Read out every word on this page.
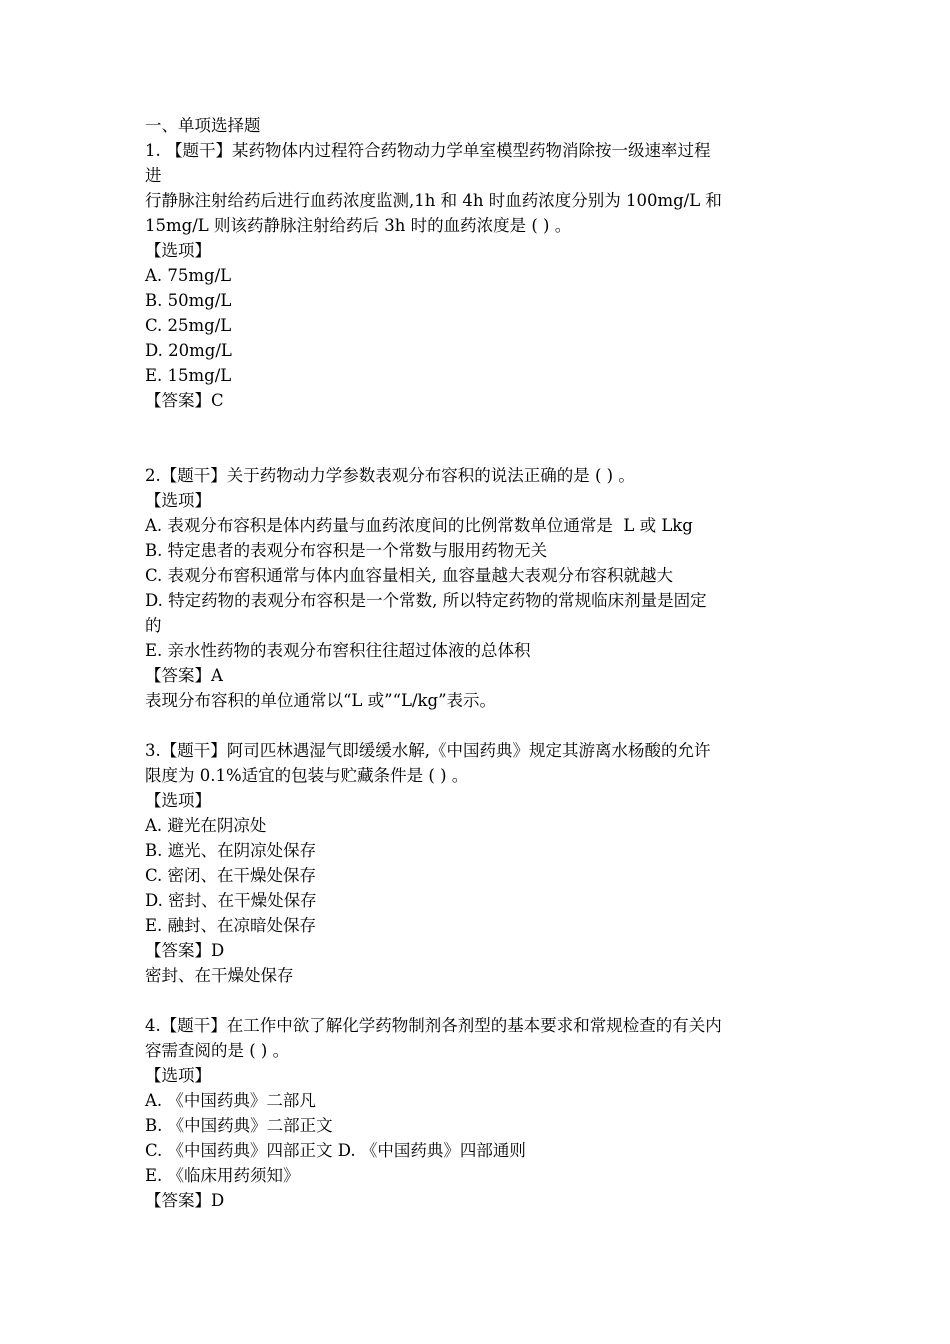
一、单项选择题
1. 【题干】某药物体内过程符合药物动力学单室模型药物消除按一级速率过程
进
行静脉注射给药后进行血药浓度监测,1h 和 4h 时血药浓度分别为 100mg/L 和
15mg/L 则该药静脉注射给药后 3h 时的血药浓度是 ( ) 。
【选项】
A. 75mg/L
B. 50mg/L
C. 25mg/L
D. 20mg/L
E. 15mg/L
【答案】C
2.【题干】关于药物动力学参数表观分布容积的说法正确的是 ( ) 。
【选项】
A. 表观分布容积是体内药量与血药浓度间的比例常数单位通常是  L 或 Lkg
B. 特定患者的表观分布容积是一个常数与服用药物无关
C. 表观分布窖积通常与体内血容量相关, 血容量越大表观分布容积就越大
D. 特定药物的表观分布容积是一个常数, 所以特定药物的常规临床剂量是固定
的
E. 亲水性药物的表观分布窖积往往超过体液的总体积
【答案】A
表现分布容积的单位通常以“L 或”“L/kg”表示。
3.【题干】阿司匹林遇湿气即缓缓水解,《中国药典》规定其游离水杨酸的允许
限度为 0.1%适宜的包装与贮藏条件是 ( ) 。
【选项】
A. 避光在阴凉处
B. 遮光、在阴凉处保存
C. 密闭、在干燥处保存
D. 密封、在干燥处保存
E. 融封、在凉暗处保存
【答案】D
密封、在干燥处保存
4.【题干】在工作中欲了解化学药物制剂各剂型的基本要求和常规检查的有关内
容需查阅的是 ( ) 。
【选项】
A. 《中国药典》二部凡
B. 《中国药典》二部正文
C. 《中国药典》四部正文 D. 《中国药典》四部通则
E. 《临床用药须知》
【答案】D
